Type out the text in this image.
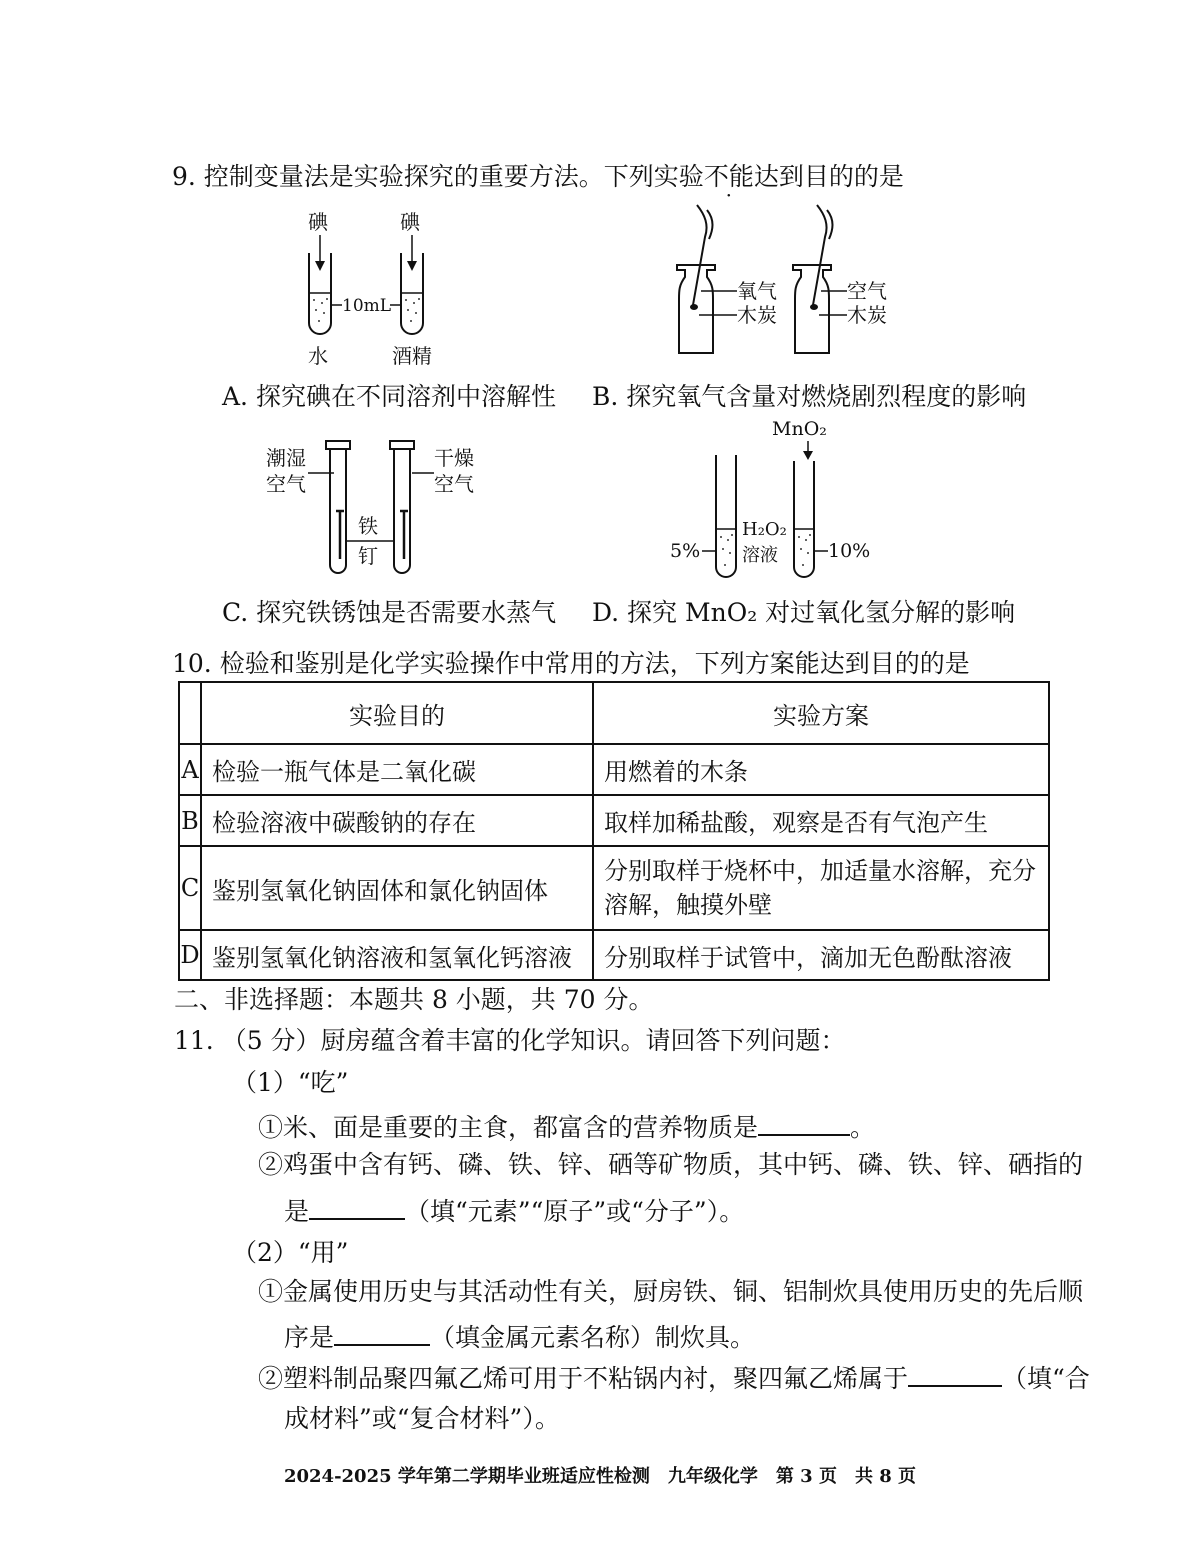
9. 控制变量法是实验探究的重要方法。下列实验不能达到目的的是
碘	碘
10mL
水	酒精
A. 探究碘在不同溶剂中溶解性
氧气
木炭
空气
木炭
B. 探究氧气含量对燃烧剧烈程度的影响
潮湿
空气
干燥
空气
铁
钉
C. 探究铁锈蚀是否需要水蒸气
MnO₂
5%	10%
H₂O₂
溶液
D. 探究 MnO₂ 对过氧化氢分解的影响
10. 检验和鉴别是化学实验操作中常用的方法，下列方案能达到目的的是
	实验目的	实验方案
A	检验一瓶气体是二氧化碳	用燃着的木条
B	检验溶液中碳酸钠的存在	取样加稀盐酸，观察是否有气泡产生
C	鉴别氢氧化钠固体和氯化钠固体	分别取样于烧杯中，加适量水溶解，充分溶解，触摸外壁
D	鉴别氢氧化钠溶液和氢氧化钙溶液	分别取样于试管中，滴加无色酚酞溶液
二、非选择题：本题共 8 小题，共 70 分。
11. （5 分）厨房蕴含着丰富的化学知识。请回答下列问题：
（1）“吃”
①米、面是重要的主食，都富含的营养物质是	。
②鸡蛋中含有钙、磷、铁、锌、硒等矿物质，其中钙、磷、铁、锌、硒指的
是	（填“元素”“原子”或“分子”）。
（2）“用”
①金属使用历史与其活动性有关，厨房铁、铜、铝制炊具使用历史的先后顺
序是	（填金属元素名称）制炊具。
②塑料制品聚四氟乙烯可用于不粘锅内衬，聚四氟乙烯属于	（填“合
成材料”或“复合材料”）。
2024-2025 学年第二学期毕业班适应性检测　九年级化学　第 3 页　共 8 页
